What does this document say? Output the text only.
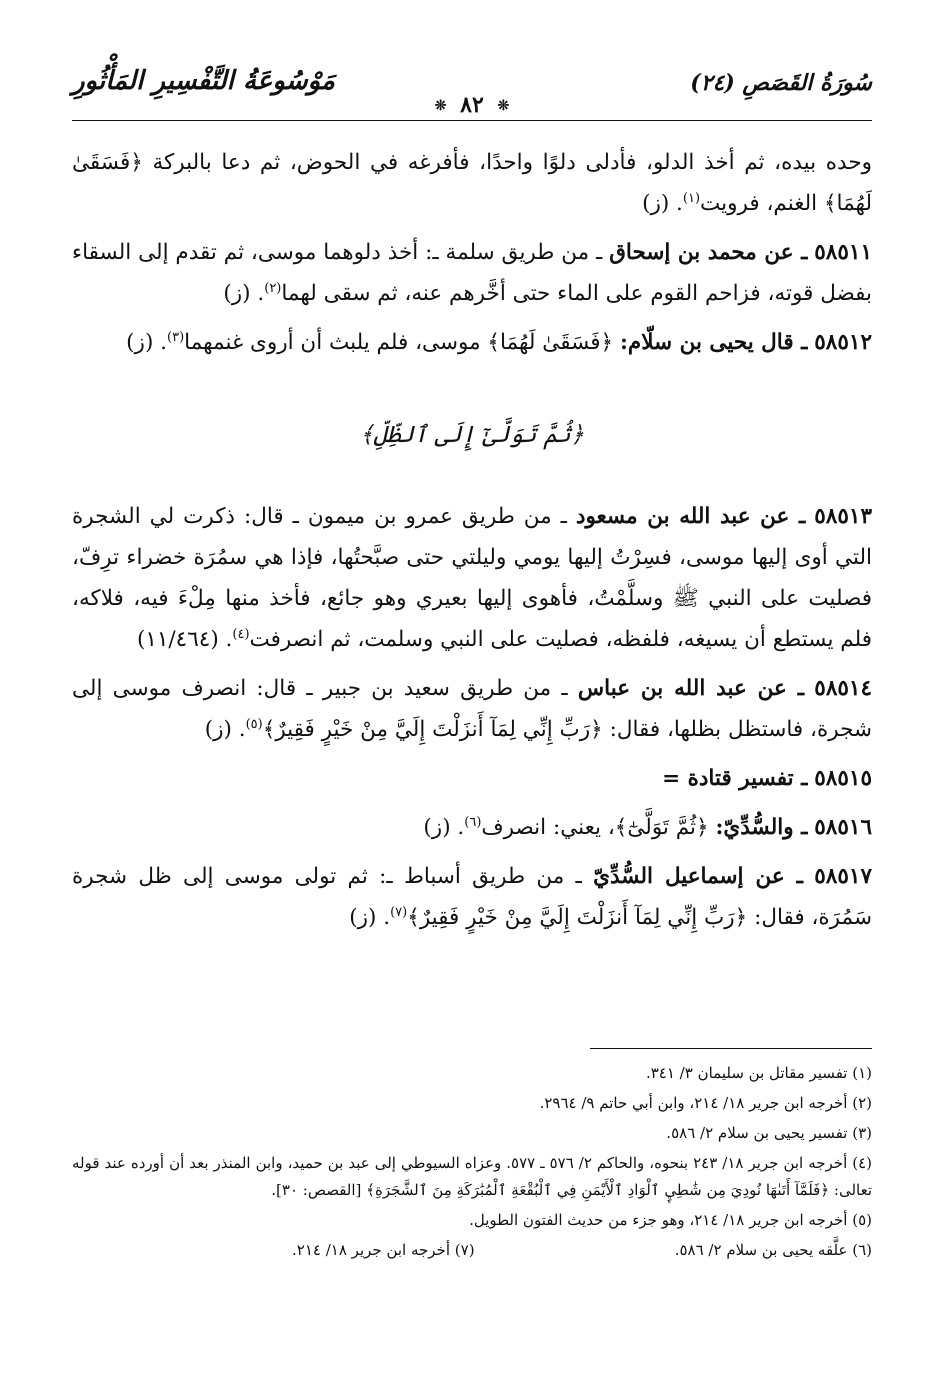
سُورَةُ القَصَصِ (٢٤)
❊ ٨٢ ❊
مَوْسُوعَةُ التَّفْسِيرِ المَأْثُورِ

وحده بيده، ثم أخذ الدلو، فأدلى دلوًا واحدًا، فأفرغه في الحوض، ثم دعا بالبركة ﴿فَسَقَىٰ لَهُمَا﴾ الغنم، فرويت$^{(١)}$. (ز)

٥٨٥١١ ـ عن محمد بن إسحاق ـ من طريق سلمة ـ: أخذ دلوهما موسى، ثم تقدم إلى السقاء بفضل قوته، فزاحم القوم على الماء حتى أخَّرهم عنه، ثم سقى لهما$^{(٢)}$. (ز)

٥٨٥١٢ ـ قال يحيى بن سلّام: ﴿فَسَقَىٰ لَهُمَا﴾ موسى، فلم يلبث أن أروى غنمهما$^{(٣)}$. (ز)

﴿ثُمَّ تَوَلَّىٰٓ إِلَى ٱلظِّلِّ﴾

٥٨٥١٣ ـ عن عبد الله بن مسعود ـ من طريق عمرو بن ميمون ـ قال: ذكرت لي الشجرة التي أوى إليها موسى، فسِرْتُ إليها يومي وليلتي حتى صبَّحتُها، فإذا هي سمُرَة خضراء ترِفّ، فصليت على النبي ﷺ وسلَّمْتُ، فأهوى إليها بعيري وهو جائع، فأخذ منها مِلْءَ فيه، فلاكه، فلم يستطع أن يسيغه، فلفظه، فصليت على النبي وسلمت، ثم انصرفت$^{(٤)}$. (١١/٤٦٤)

٥٨٥١٤ ـ عن عبد الله بن عباس ـ من طريق سعيد بن جبير ـ قال: انصرف موسى إلى شجرة، فاستظل بظلها، فقال: ﴿رَبِّ إِنِّي لِمَآ أَنزَلْتَ إِلَيَّ مِنْ خَيْرٍ فَقِيرٌ﴾$^{(٥)}$. (ز)

٥٨٥١٥ ـ تفسير قتادة =

٥٨٥١٦ ـ والسُّدِّيّ: ﴿ثُمَّ تَوَلَّىٰٓ﴾، يعني: انصرف$^{(٦)}$. (ز)

٥٨٥١٧ ـ عن إسماعيل السُّدِّيّ ـ من طريق أسباط ـ: ثم تولى موسى إلى ظل شجرة سَمُرَة، فقال: ﴿رَبِّ إِنِّي لِمَآ أَنزَلْتَ إِلَيَّ مِنْ خَيْرٍ فَقِيرٌ﴾$^{(٧)}$. (ز)

(١) تفسير مقاتل بن سليمان ٣/ ٣٤١.

(٢) أخرجه ابن جرير ١٨/ ٢١٤، وابن أبي حاتم ٩/ ٢٩٦٤.

(٣) تفسير يحيى بن سلام ٢/ ٥٨٦.

(٤) أخرجه ابن جرير ١٨/ ٢٤٣ بنحوه، والحاكم ٢/ ٥٧٦ ـ ٥٧٧. وعزاه السيوطي إلى عبد بن حميد، وابن المنذر بعد أن أورده عند قوله تعالى: ﴿فَلَمَّآ أَتَىٰهَا نُودِيَ مِن شَٰطِيِٕ ٱلْوَادِ ٱلْأَيْمَنِ فِي ٱلْبُقْعَةِ ٱلْمُبَٰرَكَةِ مِنَ ٱلشَّجَرَةِ﴾ [القصص: ٣٠].

(٥) أخرجه ابن جرير ١٨/ ٢١٤، وهو جزء من حديث الفتون الطويل.

(٦) علَّقه يحيى بن سلام ٢/ ٥٨٦.
(٧) أخرجه ابن جرير ١٨/ ٢١٤.
